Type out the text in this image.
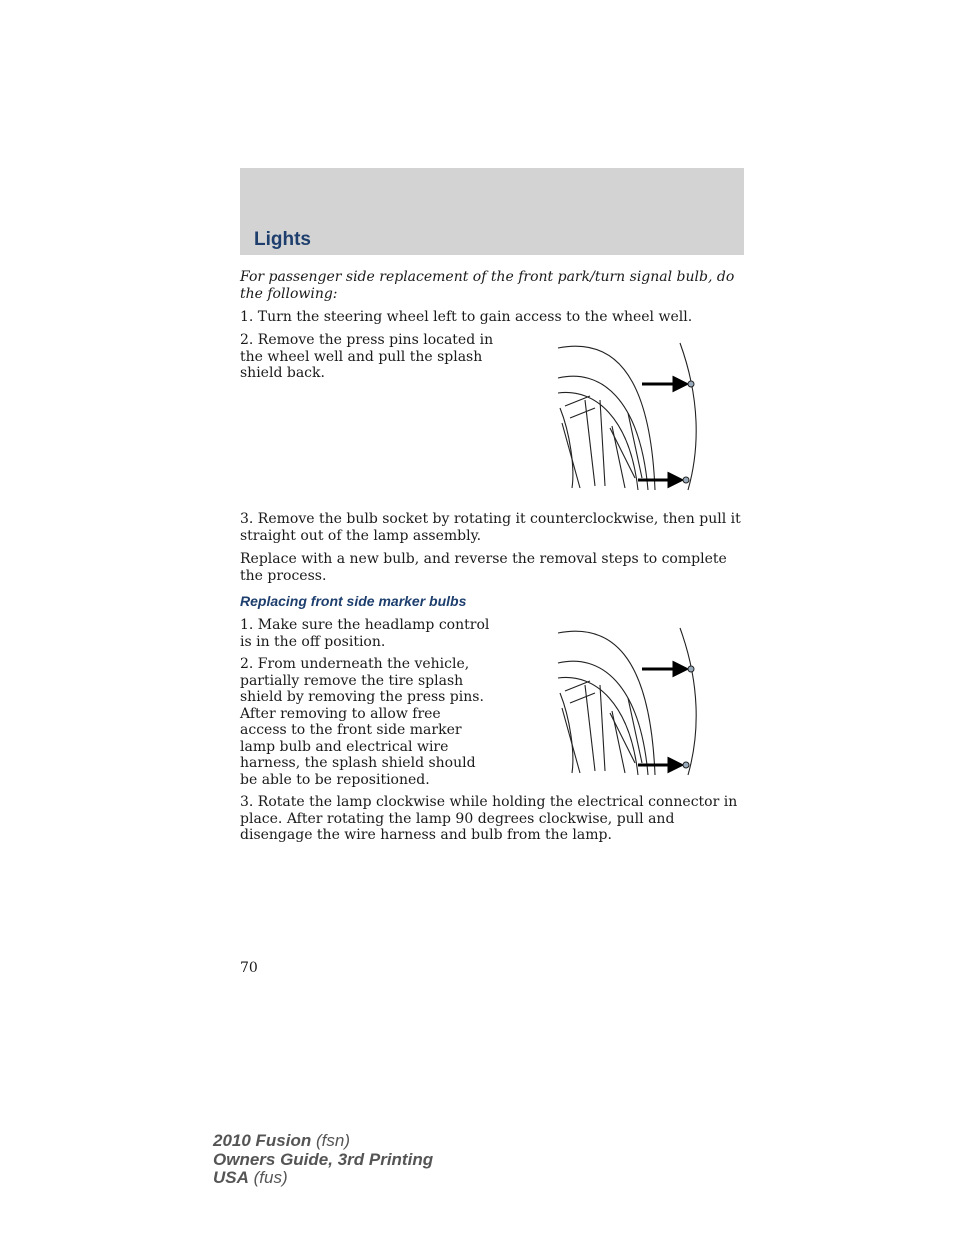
Lights

For passenger side replacement of the front park/turn signal bulb, do the following:

1. Turn the steering wheel left to gain access to the wheel well.

2. Remove the press pins located in the wheel well and pull the splash shield back.

3. Remove the bulb socket by rotating it counterclockwise, then pull it straight out of the lamp assembly.

Replace with a new bulb, and reverse the removal steps to complete the process.

Replacing front side marker bulbs

1. Make sure the headlamp control is in the off position.

2. From underneath the vehicle, partially remove the tire splash shield by removing the press pins. After removing to allow free access to the front side marker lamp bulb and electrical wire harness, the splash shield should be able to be repositioned.

3. Rotate the lamp clockwise while holding the electrical connector in place. After rotating the lamp 90 degrees clockwise, pull and disengage the wire harness and bulb from the lamp.

70
2010 Fusion (fsn)
Owners Guide, 3rd Printing
USA (fus)
